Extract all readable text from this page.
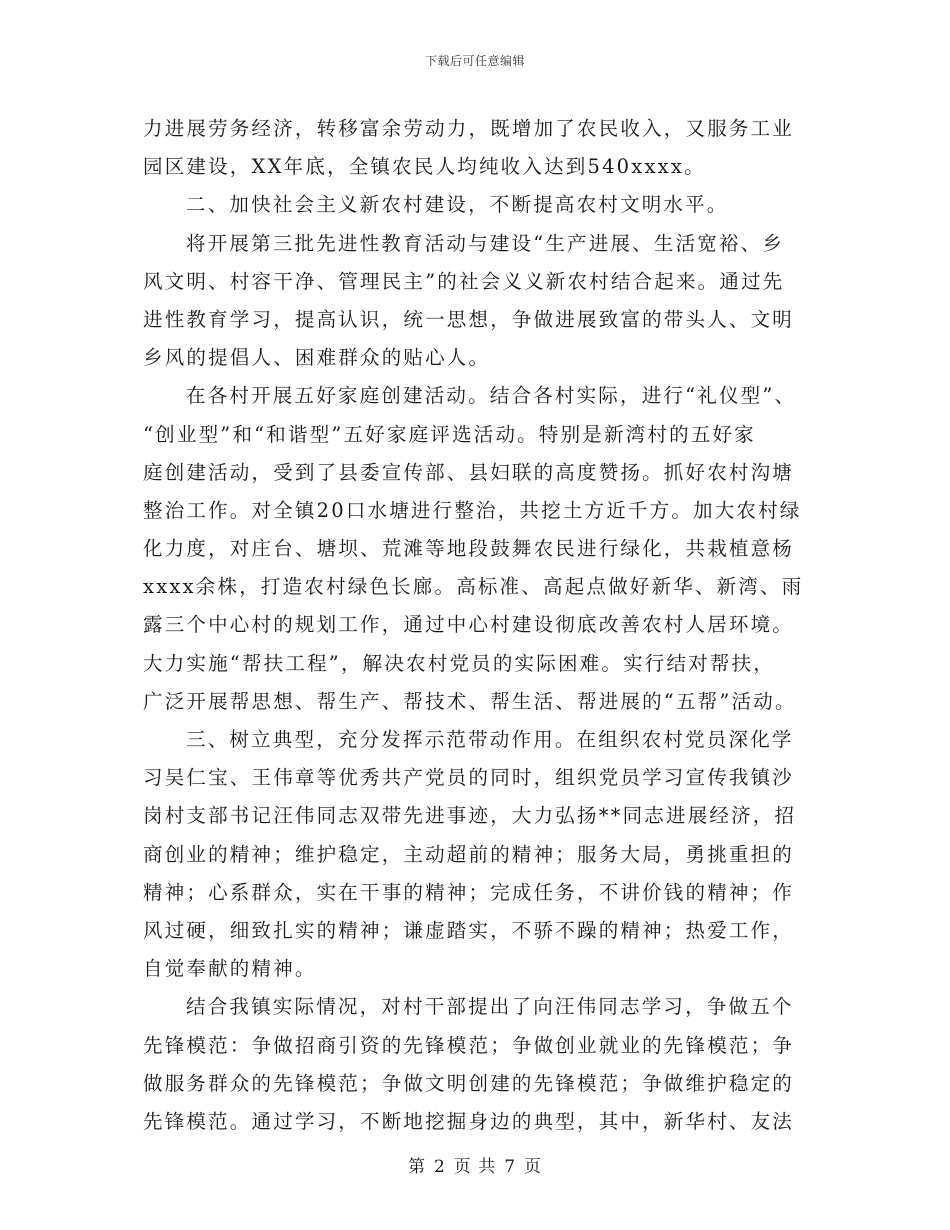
下载后可任意编辑
力进展劳务经济，转移富余劳动力，既增加了农民收入，又服务工业
园区建设，XX年底，全镇农民人均纯收入达到540xxxx。
二、加快社会主义新农村建设，不断提高农村文明水平。
将开展第三批先进性教育活动与建设“生产进展、生活宽裕、乡
风文明、村容干净、管理民主”的社会义义新农村结合起来。通过先
进性教育学习，提高认识，统一思想，争做进展致富的带头人、文明
乡风的提倡人、困难群众的贴心人。
在各村开展五好家庭创建活动。结合各村实际，进行“礼仪型”、
“创业型”和“和谐型”五好家庭评选活动。特别是新湾村的五好家
庭创建活动，受到了县委宣传部、县妇联的高度赞扬。抓好农村沟塘
整治工作。对全镇20口水塘进行整治，共挖土方近千方。加大农村绿
化力度，对庄台、塘坝、荒滩等地段鼓舞农民进行绿化，共栽植意杨
xxxx余株，打造农村绿色长廊。高标准、高起点做好新华、新湾、雨
露三个中心村的规划工作，通过中心村建设彻底改善农村人居环境。
大力实施“帮扶工程”，解决农村党员的实际困难。实行结对帮扶，
广泛开展帮思想、帮生产、帮技术、帮生活、帮进展的“五帮”活动。
三、树立典型，充分发挥示范带动作用。在组织农村党员深化学
习吴仁宝、王伟章等优秀共产党员的同时，组织党员学习宣传我镇沙
岗村支部书记汪伟同志双带先进事迹，大力弘扬**同志进展经济，招
商创业的精神；维护稳定，主动超前的精神；服务大局，勇挑重担的
精神；心系群众，实在干事的精神；完成任务，不讲价钱的精神；作
风过硬，细致扎实的精神；谦虚踏实，不骄不躁的精神；热爱工作，
自觉奉献的精神。
结合我镇实际情况，对村干部提出了向汪伟同志学习，争做五个
先锋模范：争做招商引资的先锋模范；争做创业就业的先锋模范；争
做服务群众的先锋模范；争做文明创建的先锋模范；争做维护稳定的
先锋模范。通过学习，不断地挖掘身边的典型，其中，新华村、友法
第 2 页 共 7 页
